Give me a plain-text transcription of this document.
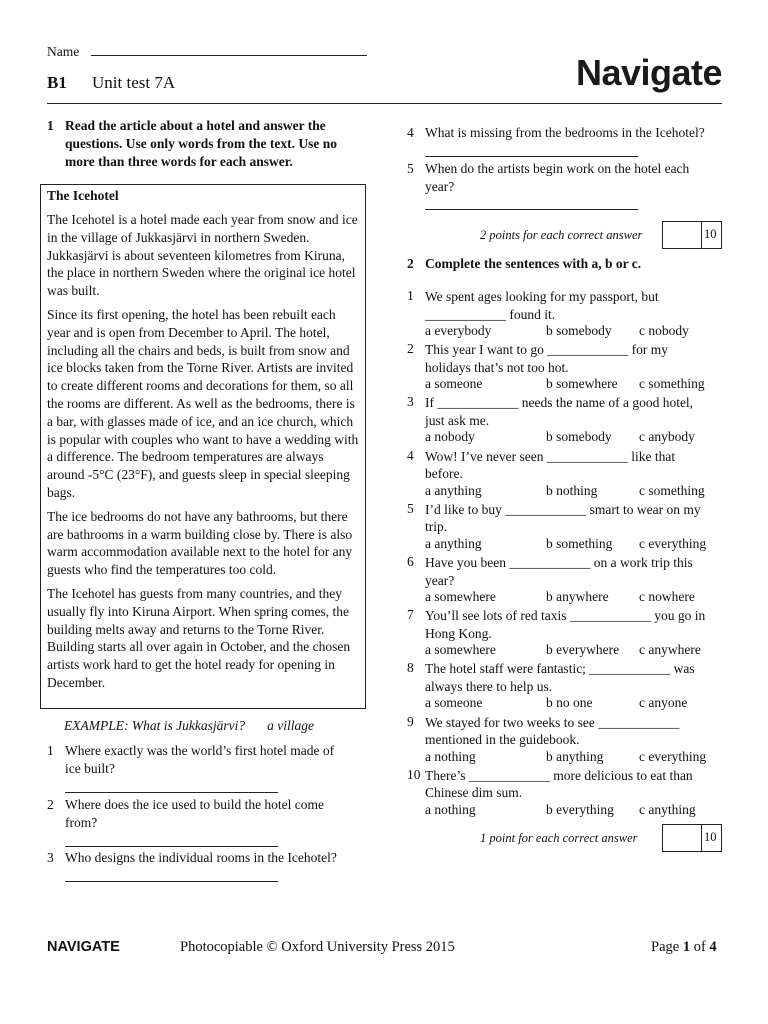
Name
B1 Unit test 7A	Navigate
1 Read the article about a hotel and answer the questions. Use only words from the text. Use no more than three words for each answer.
The Icehotel

The Icehotel is a hotel made each year from snow and ice in the village of Jukkasjärvi in northern Sweden. Jukkasjärvi is about seventeen kilometres from Kiruna, the place in northern Sweden where the original ice hotel was built.

Since its first opening, the hotel has been rebuilt each year and is open from December to April. The hotel, including all the chairs and beds, is built from snow and ice blocks taken from the Torne River. Artists are invited to create different rooms and decorations for them, so all the rooms are different. As well as the bedrooms, there is a bar, with glasses made of ice, and an ice church, which is popular with couples who want to have a wedding with a difference. The bedroom temperatures are always around -5°C (23°F), and guests sleep in special sleeping bags.

The ice bedrooms do not have any bathrooms, but there are bathrooms in a warm building close by. There is also warm accommodation available next to the hotel for any guests who find the temperatures too cold.

The Icehotel has guests from many countries, and they usually fly into Kiruna Airport. When spring comes, the building melts away and returns to the Torne River. Building starts all over again in October, and the chosen artists work hard to get the hotel ready for opening in December.

EXAMPLE: What is Jukkasjärvi? a village
1 Where exactly was the world’s first hotel made of
ice built?
2 Where does the ice used to build the hotel come
from?
3 Who designs the individual rooms in the Icehotel?
4 What is missing from the bedrooms in the Icehotel?
5 When do the artists begin work on the hotel each
year?
2 points for each correct answer	10
2 Complete the sentences with a, b or c.
1 We spent ages looking for my passport, but
____________ found it.
a everybody	b somebody c nobody
2 This year I want to go ____________ for my
holidays that’s not too hot.
a someone	b somewhere c something
3 If ____________ needs the name of a good hotel,
just ask me.
a nobody	b somebody c anybody
4 Wow! I’ve never seen ____________ like that
before.
a anything	b nothing	c something
5 I’d like to buy ____________ smart to wear on my
trip.
a anything	b something c everything
6 Have you been ____________ on a work trip this
year?
a somewhere	b anywhere c nowhere
7 You’ll see lots of red taxis ____________ you go in
Hong Kong.
a somewhere	b everywhere c anywhere
8 The hotel staff were fantastic; ____________ was
always there to help us.
a someone	b no one	c anyone
9 We stayed for two weeks to see ____________
mentioned in the guidebook.
a nothing	b anything	c everything
10 There’s ____________ more delicious to eat than
Chinese dim sum.
a nothing	b everything c anything
1 point for each correct answer	10
NAVIGATE	Photocopiable © Oxford University Press 2015	Page 1 of 4
